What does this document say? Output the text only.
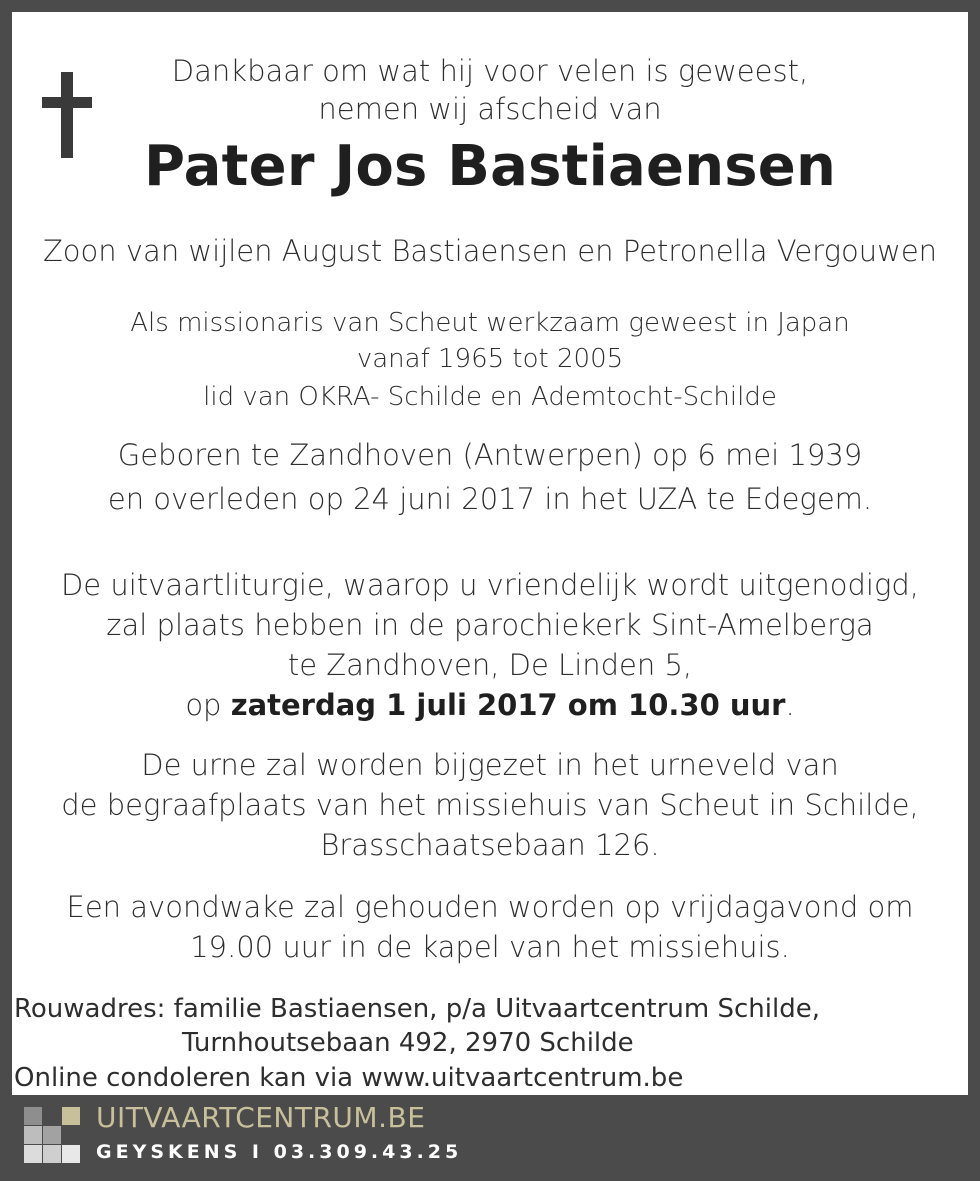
Dankbaar om wat hij voor velen is geweest,
nemen wij afscheid van
Pater Jos Bastiaensen
Zoon van wijlen August Bastiaensen en Petronella Vergouwen
Als missionaris van Scheut werkzaam geweest in Japan
vanaf 1965 tot 2005
lid van OKRA- Schilde en Ademtocht-Schilde
Geboren te Zandhoven (Antwerpen) op 6 mei 1939
en overleden op 24 juni 2017 in het UZA te Edegem.
De uitvaartliturgie, waarop u vriendelijk wordt uitgenodigd,
zal plaats hebben in de parochiekerk Sint-Amelberga
te Zandhoven, De Linden 5,
op zaterdag 1 juli 2017 om 10.30 uur.
De urne zal worden bijgezet in het urneveld van
de begraafplaats van het missiehuis van Scheut in Schilde,
Brasschaatsebaan 126.
Een avondwake zal gehouden worden op vrijdagavond om
19.00 uur in de kapel van het missiehuis.
Rouwadres: familie Bastiaensen, p/a Uitvaartcentrum Schilde,
Turnhoutsebaan 492, 2970 Schilde
Online condoleren kan via www.uitvaartcentrum.be
UITVAARTCENTRUM.BE
GEYSKENS I 03.309.43.25
